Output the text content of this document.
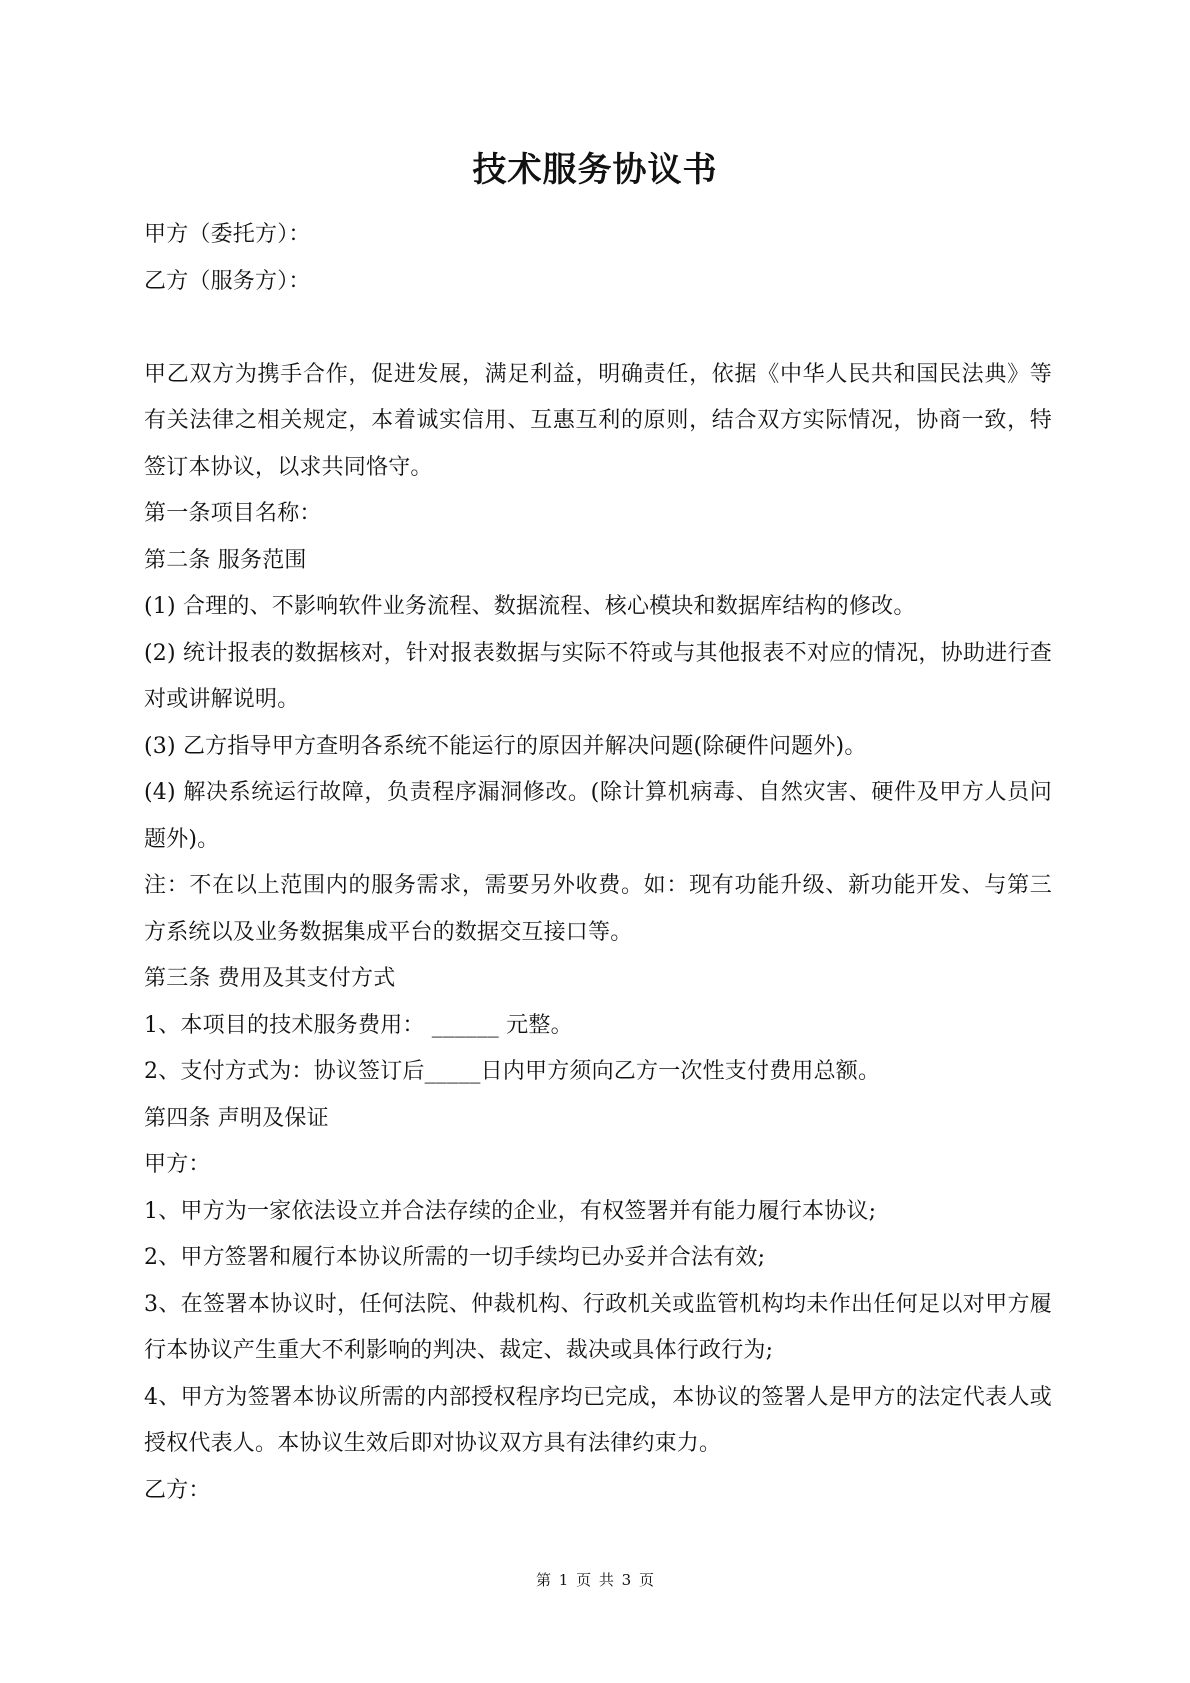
技术服务协议书

甲方（委托方）：

乙方（服务方）：

甲乙双方为携手合作，促进发展，满足利益，明确责任，依据《中华人民共和国民法典》等有关法律之相关规定，本着诚实信用、互惠互利的原则，结合双方实际情况，协商一致，特签订本协议，以求共同恪守。

第一条项目名称：

第二条 服务范围

(1) 合理的、不影响软件业务流程、数据流程、核心模块和数据库结构的修改。

(2) 统计报表的数据核对，针对报表数据与实际不符或与其他报表不对应的情况，协助进行查对或讲解说明。

(3) 乙方指导甲方查明各系统不能运行的原因并解决问题(除硬件问题外)。

(4) 解决系统运行故障，负责程序漏洞修改。(除计算机病毒、自然灾害、硬件及甲方人员问题外)。

注：不在以上范围内的服务需求，需要另外收费。如：现有功能升级、新功能开发、与第三方系统以及业务数据集成平台的数据交互接口等。

第三条 费用及其支付方式

1、本项目的技术服务费用： ______ 元整。

2、支付方式为：协议签订后_____日内甲方须向乙方一次性支付费用总额。

第四条 声明及保证

甲方：

1、甲方为一家依法设立并合法存续的企业，有权签署并有能力履行本协议;

2、甲方签署和履行本协议所需的一切手续均已办妥并合法有效;

3、在签署本协议时，任何法院、仲裁机构、行政机关或监管机构均未作出任何足以对甲方履行本协议产生重大不利影响的判决、裁定、裁决或具体行政行为;

4、甲方为签署本协议所需的内部授权程序均已完成，本协议的签署人是甲方的法定代表人或授权代表人。本协议生效后即对协议双方具有法律约束力。

乙方：

第 1 页 共 3 页
